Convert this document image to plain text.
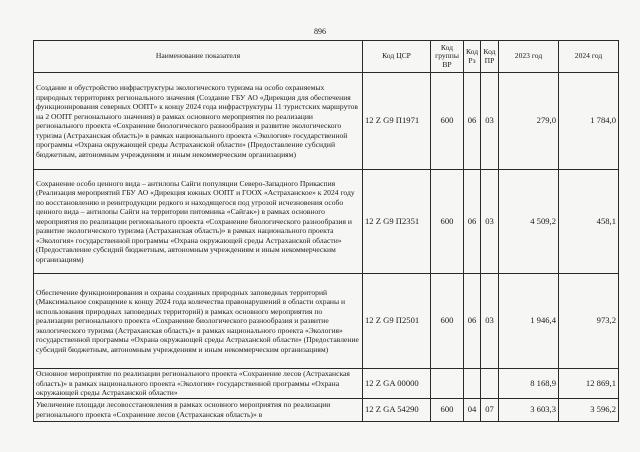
896
Наименование показателя	Код ЦСР	Код группы ВР	Код Рз	Код ПР	2023 год	2024 год
Создание и обустройство инфраструктуры экологического туризма на особо охраняемых природных территориях регионального значения (Создание ГБУ АО «Дирекция для обеспечения функционирования северных ООПТ» к концу 2024 года инфраструктуры 11 туристских маршрутов на 2 ООПТ регионального значения) в рамках основного мероприятия по реализации регионального проекта «Сохранение биологического разнообразия и развитие экологического туризма (Астраханская область)» в рамках национального проекта «Экология» государственной программы «Охрана окружающей среды Астраханской области» (Предоставление субсидий бюджетным, автономным учреждениям и иным некоммерческим организациям)	12 Z G9 П1971	600	06	03	279,0	1 784,0
Сохранение особо ценного вида – антилопы Сайги популяции Северо-Западного Прикаспия (Реализация мероприятий ГБУ АО «Дирекция южных ООПТ и ГООХ «Астраханское» к 2024 году по восстановлению и реинтродукции редкого и находящегося под угрозой исчезновения особо ценного вида – антилопы Сайги на территории питомника «Сайгак») в рамках основного мероприятия по реализации регионального проекта «Сохранение биологического разнообразия и развитие экологического туризма (Астраханская область)» в рамках национального проекта «Экология» государственной программы «Охрана окружающей среды Астраханской области» (Предоставление субсидий бюджетным, автономным учреждениям и иным некоммерческим организациям)	12 Z G9 П2351	600	06	03	4 509,2	458,1
Обеспечение функционирования и охраны созданных природных заповедных территорий (Максимальное сокращение к концу 2024 года количества правонарушений в области охраны и использования природных заповедных территорий) в рамках основного мероприятия по реализации регионального проекта «Сохранение биологического разнообразия и развитие экологического туризма (Астраханская область)» в рамках национального проекта «Экология» государственной программы «Охрана окружающей среды Астраханской области» (Предоставление субсидий бюджетным, автономным учреждениям и иным некоммерческим организациям)	12 Z G9 П2501	600	06	03	1 946,4	973,2
Основное мероприятие по реализации регионального проекта «Сохранение лесов (Астраханская область)» в рамках национального проекта «Экология» государственной программы «Охрана окружающей среды Астраханской области»	12 Z GA 00000				8 168,9	12 869,1
Увеличение площади лесовосстановления в рамках основного мероприятия по реализации регионального проекта «Сохранение лесов (Астраханская область)» в	12 Z GA 54290	600	04	07	3 603,3	3 596,2
